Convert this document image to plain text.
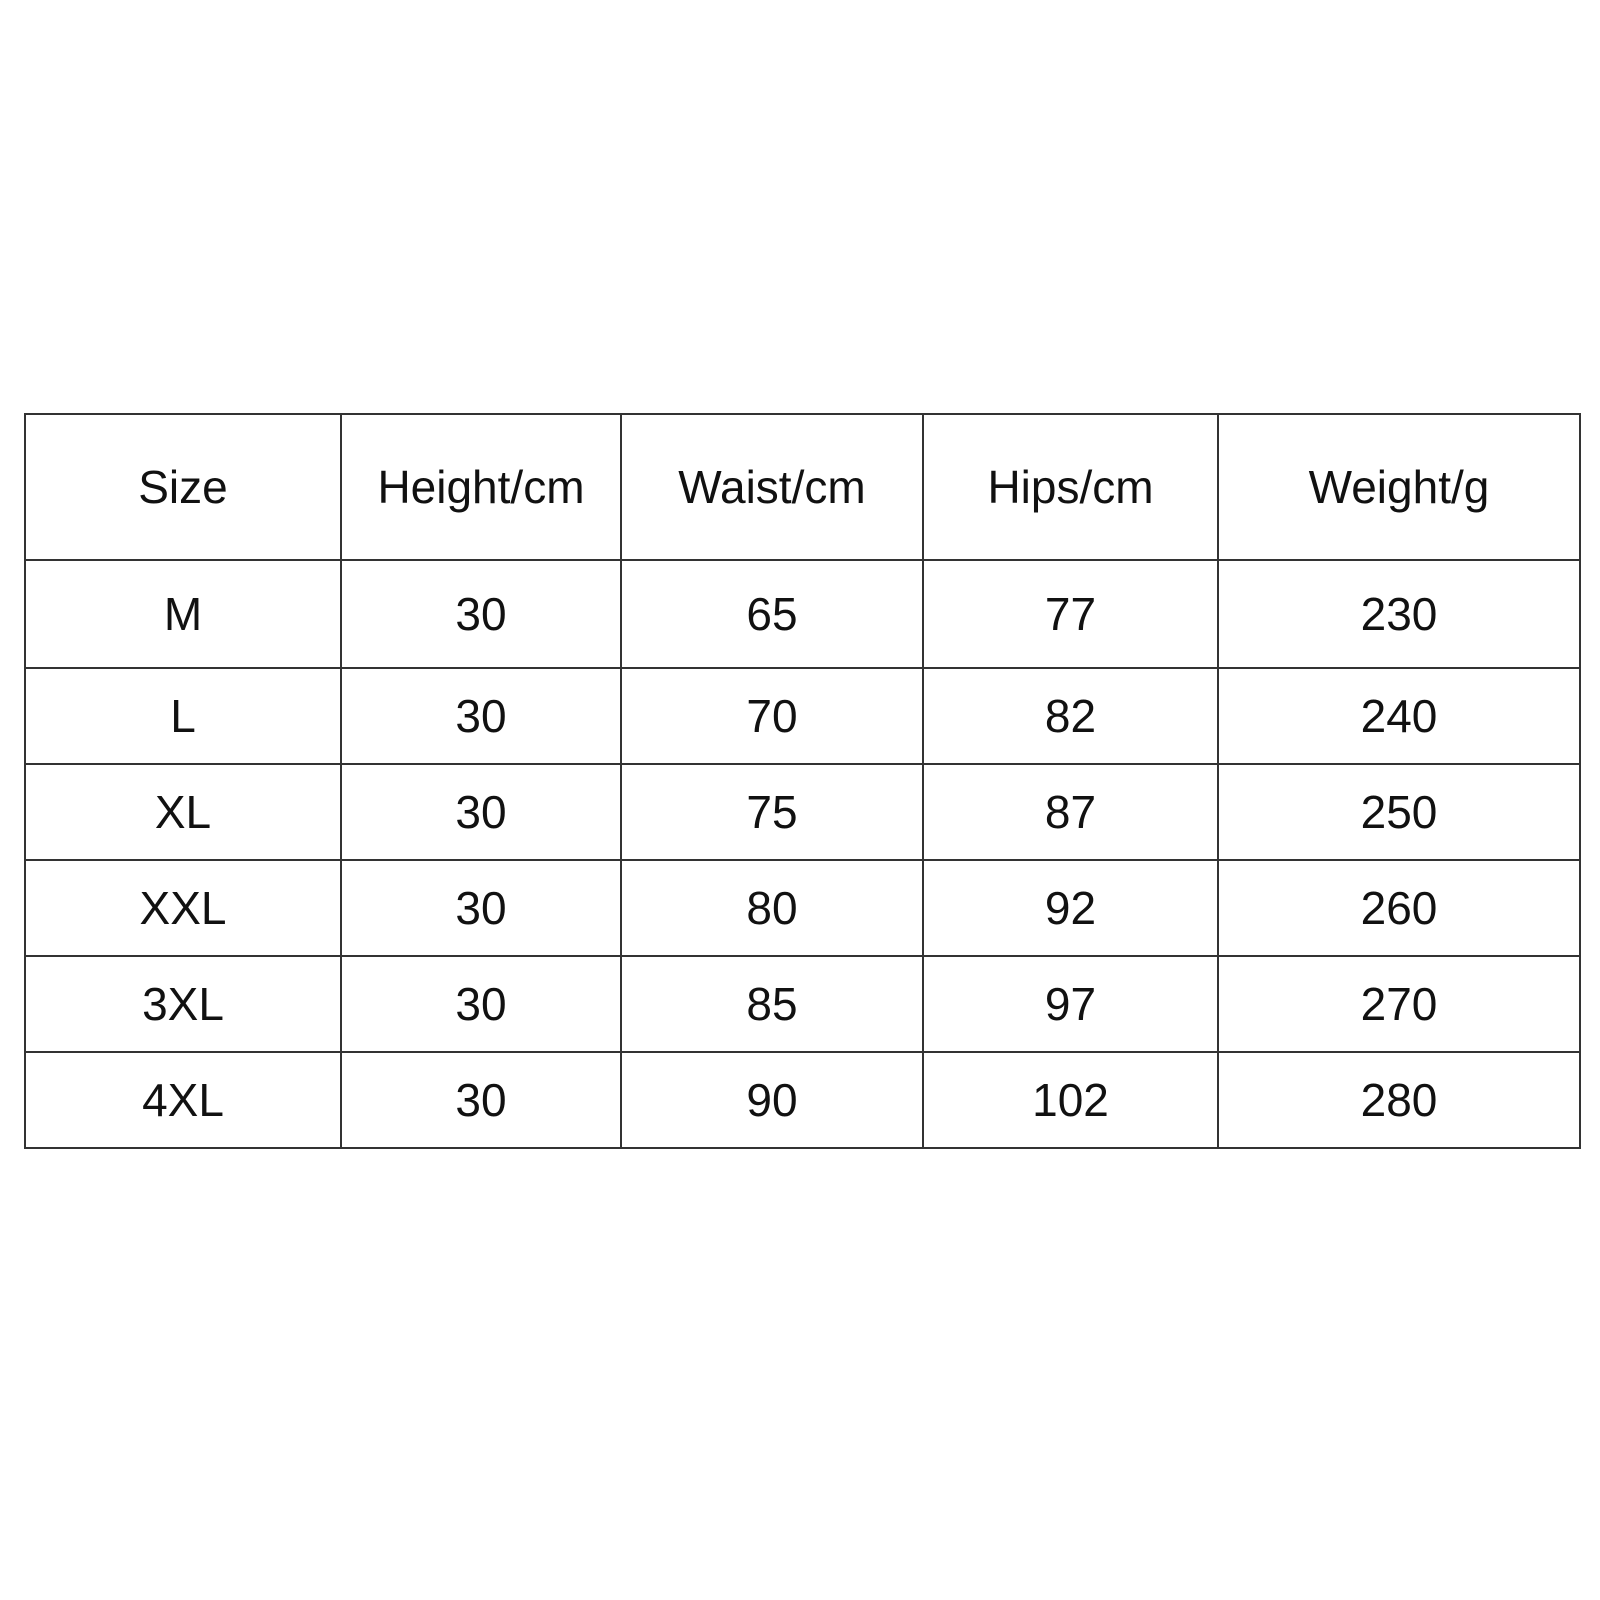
Size	Height/cm	Waist/cm	Hips/cm	Weight/g
M	30	65	77	230
L	30	70	82	240
XL	30	75	87	250
XXL	30	80	92	260
3XL	30	85	97	270
4XL	30	90	102	280
